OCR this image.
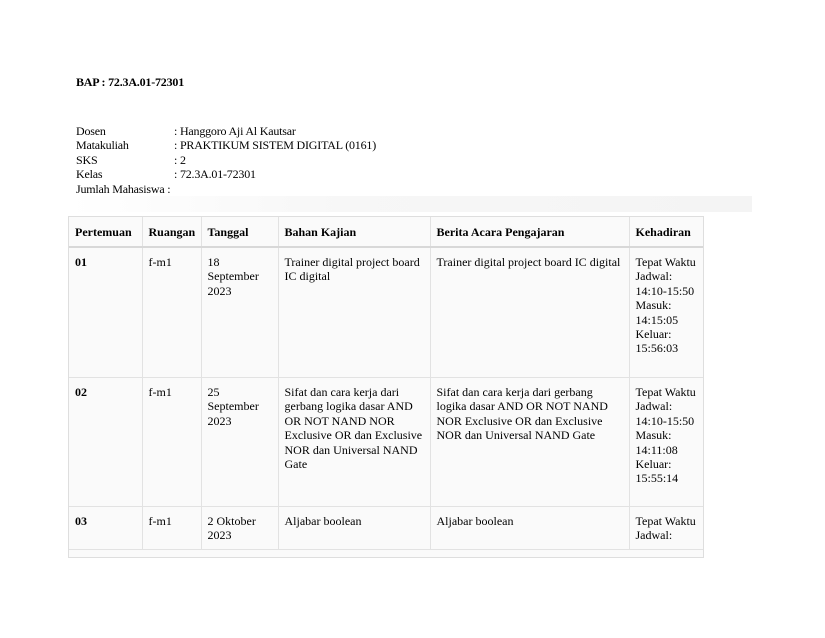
BAP : 72.3A.01-72301
Dosen	: Hanggoro Aji Al Kautsar
Matakuliah	: PRAKTIKUM SISTEM DIGITAL (0161)
SKS	: 2
Kelas	: 72.3A.01-72301
Jumlah Mahasiswa :
Pertemuan	Ruangan	Tanggal	Bahan Kajian	Berita Acara Pengajaran	Kehadiran
01	f-m1	18 September 2023	Trainer digital project board IC digital	Trainer digital project board IC digital	Tepat Waktu Jadwal: 14:10-15:50 Masuk: 14:15:05 Keluar: 15:56:03
02	f-m1	25 September 2023	Sifat dan cara kerja dari gerbang logika dasar AND OR NOT NAND NOR Exclusive OR dan Exclusive NOR dan Universal NAND Gate	Sifat dan cara kerja dari gerbang logika dasar AND OR NOT NAND NOR Exclusive OR dan Exclusive NOR dan Universal NAND Gate	Tepat Waktu Jadwal: 14:10-15:50 Masuk: 14:11:08 Keluar: 15:55:14
03	f-m1	2 Oktober 2023	Aljabar boolean	Aljabar boolean	Tepat Waktu Jadwal:
